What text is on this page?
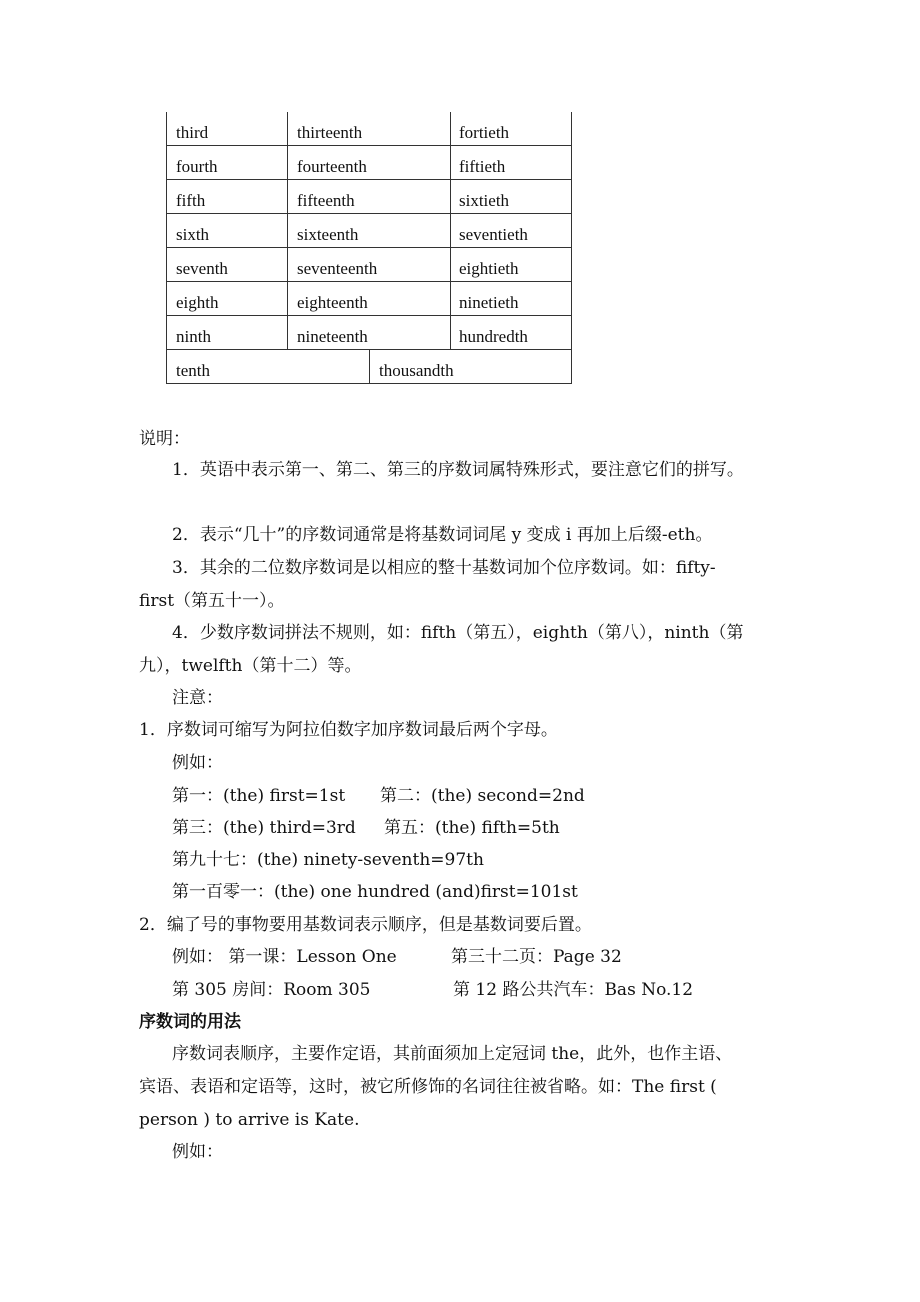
third	thirteenth	fortieth
fourth	fourteenth	fiftieth
fifth	fifteenth	sixtieth
sixth	sixteenth	seventieth
seventh	seventeenth	eightieth
eighth	eighteenth	ninetieth
ninth	nineteenth	hundredth
tenth	thousandth
说明：
1．英语中表示第一、第二、第三的序数词属特殊形式，要注意它们的拼写。
2．表示“几十”的序数词通常是将基数词词尾 y 变成 i 再加上后缀-eth。
3．其余的二位数序数词是以相应的整十基数词加个位序数词。如：fifty-
first（第五十一）。
4．少数序数词拼法不规则，如：fifth（第五），eighth（第八），ninth（第
九），twelfth（第十二）等。
注意：
1．序数词可缩写为阿拉伯数字加序数词最后两个字母。
例如：
第一：(the) first=1st 第二：(the) second=2nd
第三：(the) third=3rd 第五：(the) fifth=5th
第九十七：(the) ninety-seventh=97th
第一百零一：(the) one hundred (and)first=101st
2．编了号的事物要用基数词表示顺序，但是基数词要后置。
例如： 第一课：Lesson One	第三十二页：Page 32
第 305 房间：Room 305	第 12 路公共汽车：Bas No.12
序数词的用法
序数词表顺序，主要作定语，其前面须加上定冠词 the，此外，也作主语、
宾语、表语和定语等，这时，被它所修饰的名词往往被省略。如：The first (
person ) to arrive is Kate.
例如：
